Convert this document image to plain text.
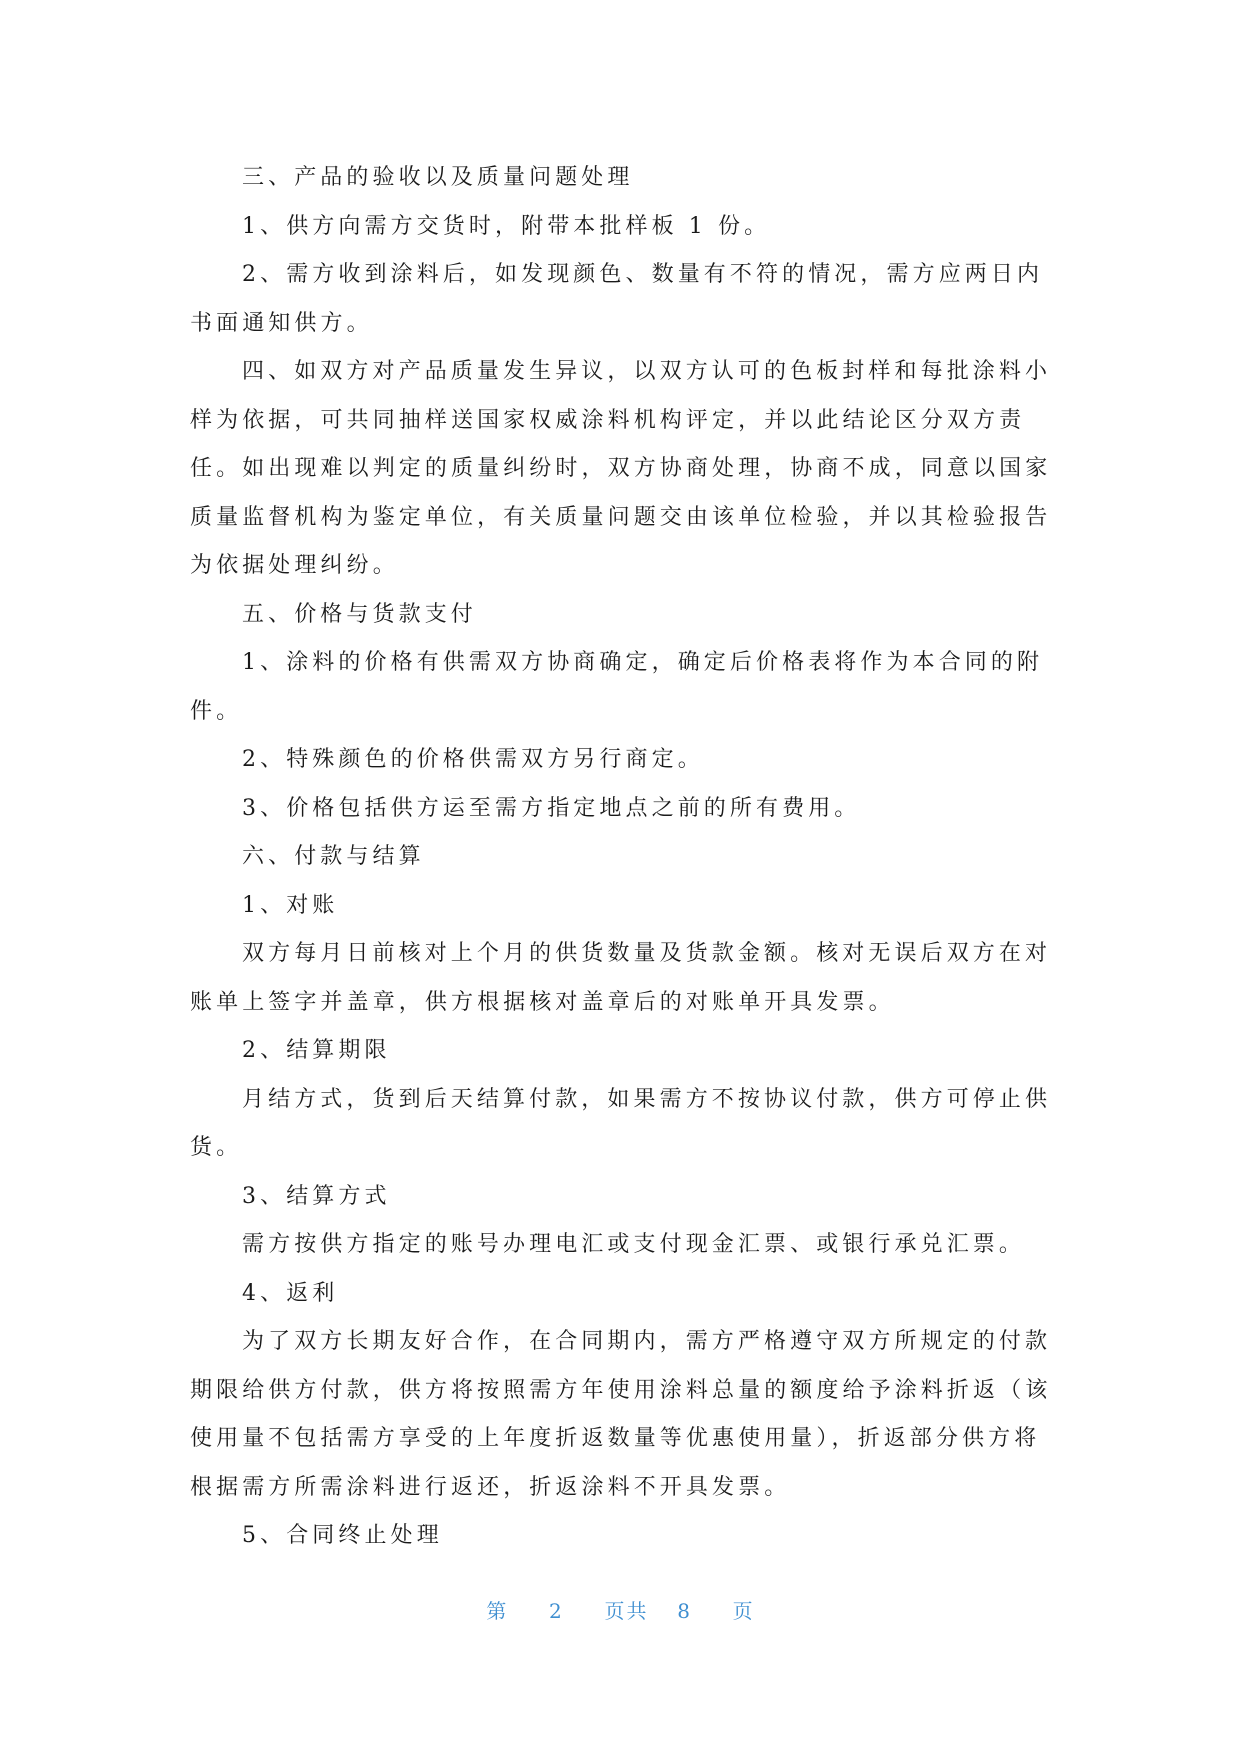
三、产品的验收以及质量问题处理

1、供方向需方交货时，附带本批样板 1 份。

2、需方收到涂料后，如发现颜色、数量有不符的情况，需方应两日内书面通知供方。

四、如双方对产品质量发生异议，以双方认可的色板封样和每批涂料小样为依据，可共同抽样送国家权威涂料机构评定，并以此结论区分双方责任。如出现难以判定的质量纠纷时，双方协商处理，协商不成，同意以国家质量监督机构为鉴定单位，有关质量问题交由该单位检验，并以其检验报告为依据处理纠纷。

五、价格与货款支付

1、涂料的价格有供需双方协商确定，确定后价格表将作为本合同的附件。

2、特殊颜色的价格供需双方另行商定。

3、价格包括供方运至需方指定地点之前的所有费用。

六、付款与结算

1、对账

双方每月日前核对上个月的供货数量及货款金额。核对无误后双方在对账单上签字并盖章，供方根据核对盖章后的对账单开具发票。

2、结算期限

月结方式，货到后天结算付款，如果需方不按协议付款，供方可停止供货。

3、结算方式

需方按供方指定的账号办理电汇或支付现金汇票、或银行承兑汇票。

4、返利

为了双方长期友好合作，在合同期内，需方严格遵守双方所规定的付款期限给供方付款，供方将按照需方年使用涂料总量的额度给予涂料折返（该使用量不包括需方享受的上年度折返数量等优惠使用量），折返部分供方将根据需方所需涂料进行返还，折返涂料不开具发票。

5、合同终止处理

第 2 页共 8 页
